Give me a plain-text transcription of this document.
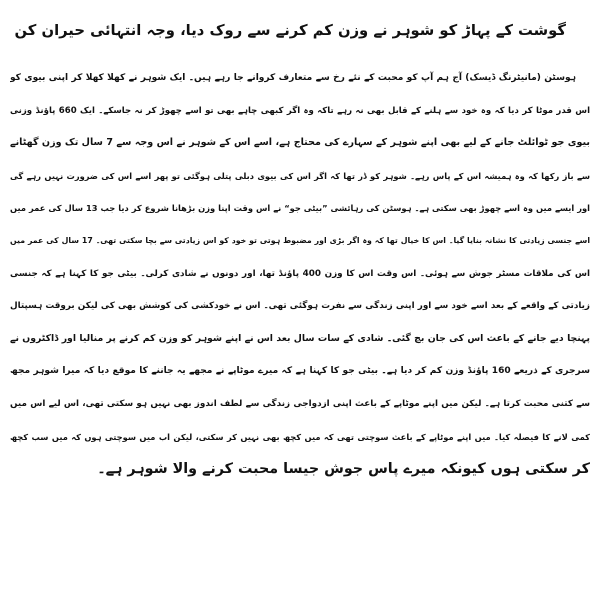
گوشت کے پہاڑ کو شوہر نے وزن کم کرنے سے روک دیا، وجہ انتہائی حیران کن
ہوسٹن (مانیٹرنگ ڈیسک) آج ہم آپ کو محبت کے نئے رخ سے متعارف کروانے جا رہے ہیں۔ ایک شوہر نے کھلا کھلا کر اپنی بیوی کو
اس قدر موٹا کر دیا کہ وہ خود سے ہلنے کے قابل بھی نہ رہے تاکہ وہ اگر کبھی چاہے بھی تو اسے چھوڑ کر نہ جاسکے۔ ایک 660 پاؤنڈ وزنی
بیوی جو ٹوائلٹ جانے کے لیے بھی اپنے شوہر کے سہارے کی محتاج ہے، اسے اس کے شوہر نے اس وجہ سے 7 سال تک وزن گھٹانے
سے باز رکھا کہ وہ ہمیشہ اس کے پاس رہے۔ شوہر کو ڈر تھا کہ اگر اس کی بیوی دبلی پتلی ہوگئی تو پھر اسے اس کی ضرورت نہیں رہے گی
اور ایسے میں وہ اسے چھوڑ بھی سکتی ہے۔ ہوسٹن کی رہائشی ”بیٹی جو“ نے اس وقت اپنا وزن بڑھانا شروع کر دیا جب 13 سال کی عمر میں
اسے جنسی زیادتی کا نشانہ بنایا گیا۔ اس کا خیال تھا کہ وہ اگر بڑی اور مضبوط ہوتی تو خود کو اس زیادتی سے بچا سکتی تھی۔ 17 سال کی عمر میں
اس کی ملاقات مسٹر جوش سے ہوئی۔ اس وقت اس کا وزن 400 پاؤنڈ تھا، اور دونوں نے شادی کرلی۔ بیٹی جو کا کہنا ہے کہ جنسی
زیادتی کے واقعے کے بعد اسے خود سے اور اپنی زندگی سے نفرت ہوگئی تھی۔ اس نے خودکشی کی کوشش بھی کی لیکن بروقت ہسپتال
پہنچا دیے جانے کے باعث اس کی جان بچ گئی۔ شادی کے سات سال بعد اس نے اپنے شوہر کو وزن کم کرنے پر منالیا اور ڈاکٹروں نے
سرجری کے ذریعے 160 پاؤنڈ وزن کم کر دیا ہے۔ بیٹی جو کا کہنا ہے کہ میرے موٹاپے نے مجھے یہ جاننے کا موقع دیا کہ میرا شوہر مجھ
سے کتنی محبت کرتا ہے۔ لیکن میں اپنے موٹاپے کے باعث اپنی ازدواجی زندگی سے لطف اندوز بھی نہیں ہو سکتی تھی، اس لیے اس میں
کمی لانے کا فیصلہ کیا۔ میں اپنے موٹاپے کے باعث سوچتی تھی کہ میں کچھ بھی نہیں کر سکتی، لیکن اب میں سوچتی ہوں کہ میں سب کچھ
کر سکتی ہوں کیونکہ میرے پاس جوش جیسا محبت کرنے والا شوہر ہے۔
